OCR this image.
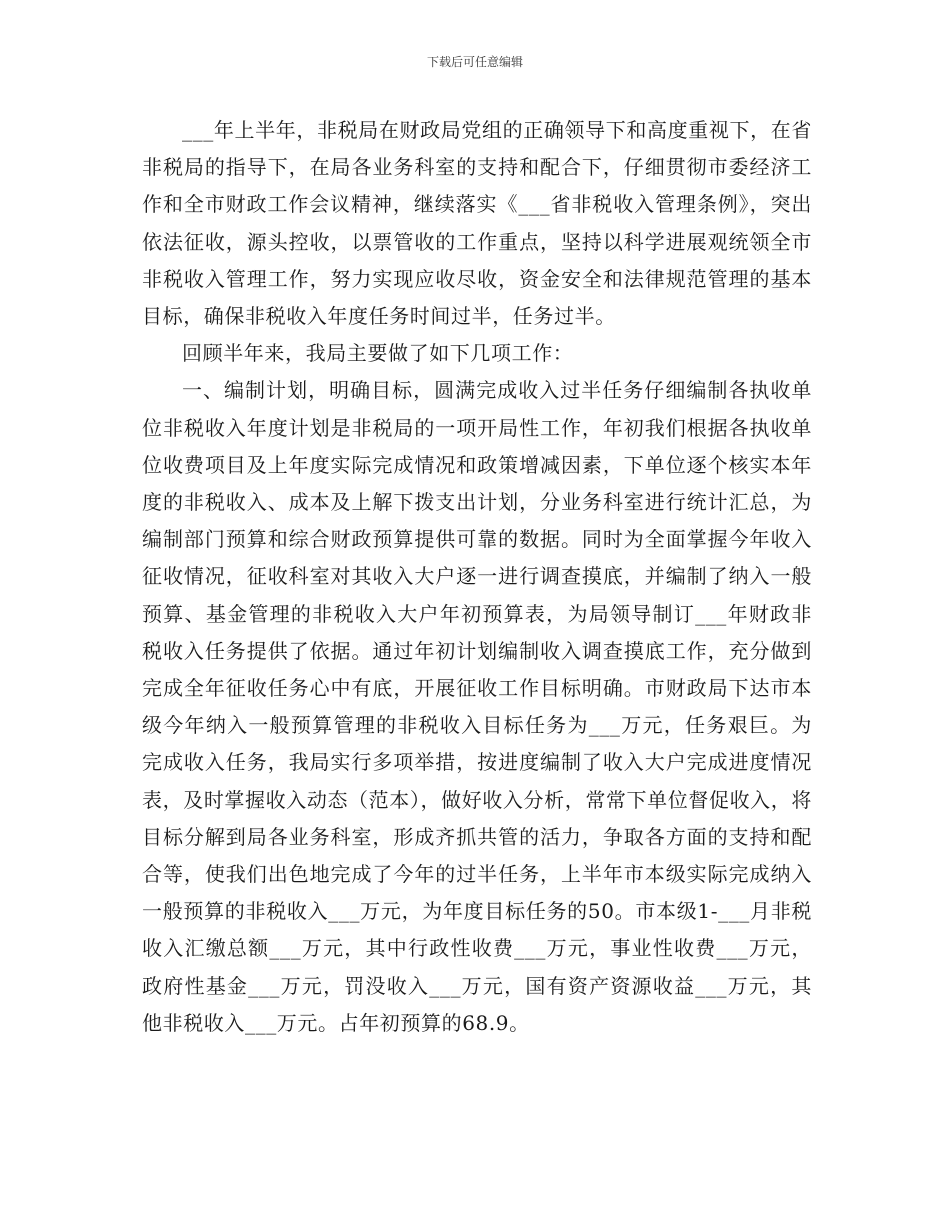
下载后可任意编辑

___年上半年，非税局在财政局党组的正确领导下和高度重视下，在省非税局的指导下，在局各业务科室的支持和配合下，仔细贯彻市委经济工作和全市财政工作会议精神，继续落实《___省非税收入管理条例》，突出依法征收，源头控收，以票管收的工作重点，坚持以科学进展观统领全市非税收入管理工作，努力实现应收尽收，资金安全和法律规范管理的基本目标，确保非税收入年度任务时间过半，任务过半。

回顾半年来，我局主要做了如下几项工作：

一、编制计划，明确目标，圆满完成收入过半任务仔细编制各执收单位非税收入年度计划是非税局的一项开局性工作，年初我们根据各执收单位收费项目及上年度实际完成情况和政策增减因素，下单位逐个核实本年度的非税收入、成本及上解下拨支出计划，分业务科室进行统计汇总，为编制部门预算和综合财政预算提供可靠的数据。同时为全面掌握今年收入征收情况，征收科室对其收入大户逐一进行调查摸底，并编制了纳入一般预算、基金管理的非税收入大户年初预算表，为局领导制订___年财政非税收入任务提供了依据。通过年初计划编制收入调查摸底工作，充分做到完成全年征收任务心中有底，开展征收工作目标明确。市财政局下达市本级今年纳入一般预算管理的非税收入目标任务为___万元，任务艰巨。为完成收入任务，我局实行多项举措，按进度编制了收入大户完成进度情况表，及时掌握收入动态（范本），做好收入分析，常常下单位督促收入，将目标分解到局各业务科室，形成齐抓共管的活力，争取各方面的支持和配合等，使我们出色地完成了今年的过半任务，上半年市本级实际完成纳入一般预算的非税收入___万元，为年度目标任务的50。市本级1-___月非税收入汇缴总额___万元，其中行政性收费___万元，事业性收费___万元，政府性基金___万元，罚没收入___万元，国有资产资源收益___万元，其他非税收入___万元。占年初预算的68.9。
